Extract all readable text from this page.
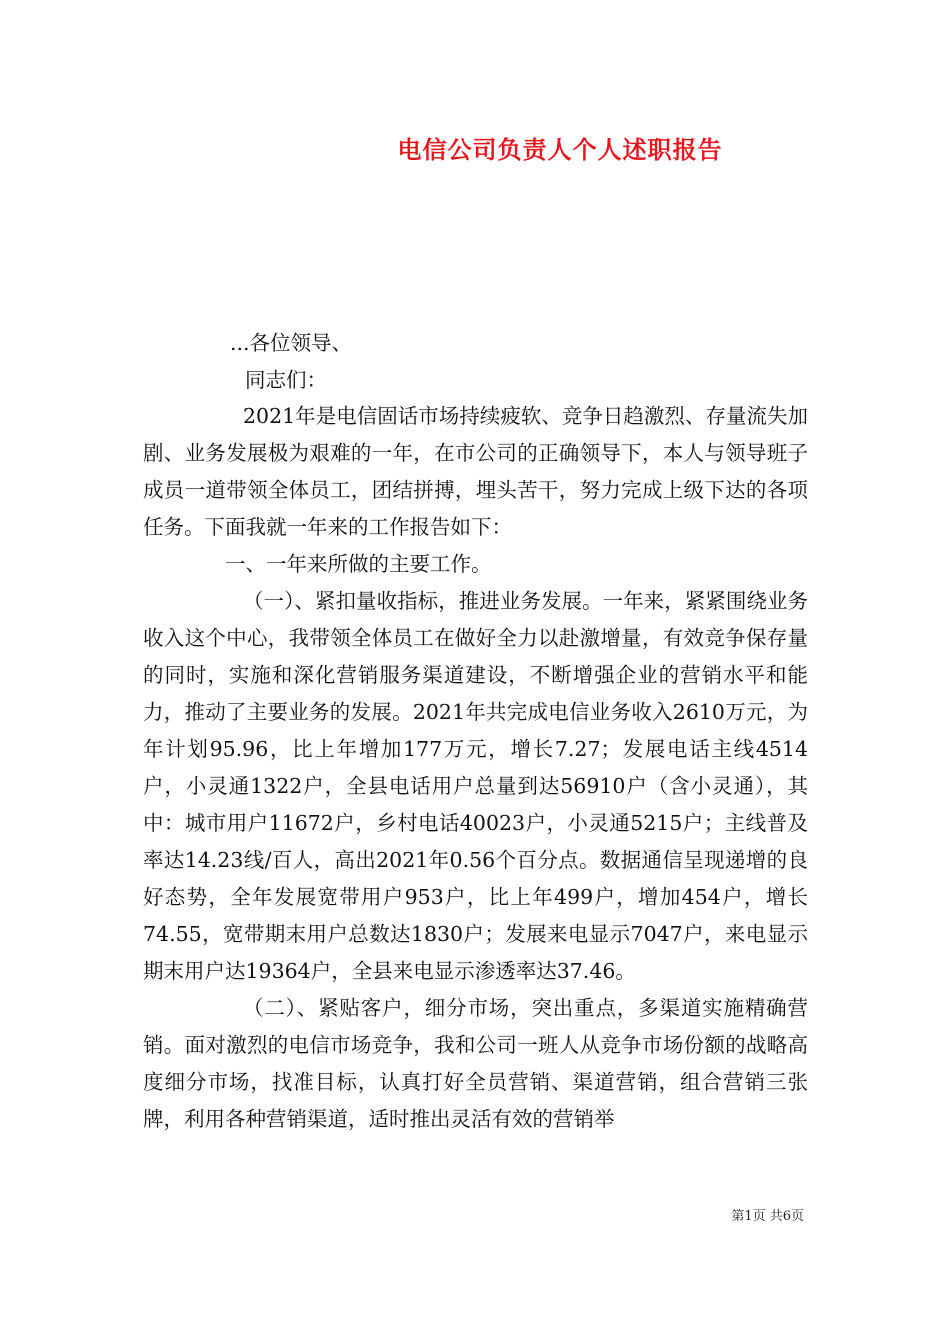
电信公司负责人个人述职报告
...各位领导、
同志们：

2021年是电信固话市场持续疲软、竞争日趋激烈、存量流失加剧、业务发展极为艰难的一年，在市公司的正确领导下，本人与领导班子成员一道带领全体员工，团结拼搏，埋头苦干，努力完成上级下达的各项任务。下面我就一年来的工作报告如下：

一、一年来所做的主要工作。

（一）、紧扣量收指标，推进业务发展。一年来，紧紧围绕业务收入这个中心，我带领全体员工在做好全力以赴激增量，有效竞争保存量的同时，实施和深化营销服务渠道建设，不断增强企业的营销水平和能力，推动了主要业务的发展。2021年共完成电信业务收入2610万元，为年计划95.96，比上年增加177万元，增长7.27；发展电话主线4514户，小灵通1322户，全县电话用户总量到达56910户（含小灵通），其中：城市用户11672户，乡村电话40023户，小灵通5215户；主线普及率达14.23线/百人，高出2021年0.56个百分点。数据通信呈现递增的良好态势，全年发展宽带用户953户，比上年499户，增加454户，增长74.55，宽带期末用户总数达1830户；发展来电显示7047户，来电显示期末用户达19364户，全县来电显示渗透率达37.46。

（二）、紧贴客户，细分市场，突出重点，多渠道实施精确营销。面对激烈的电信市场竞争，我和公司一班人从竞争市场份额的战略高度细分市场，找准目标，认真打好全员营销、渠道营销，组合营销三张牌，利用各种营销渠道，适时推出灵活有效的营销举

第1页 共6页
